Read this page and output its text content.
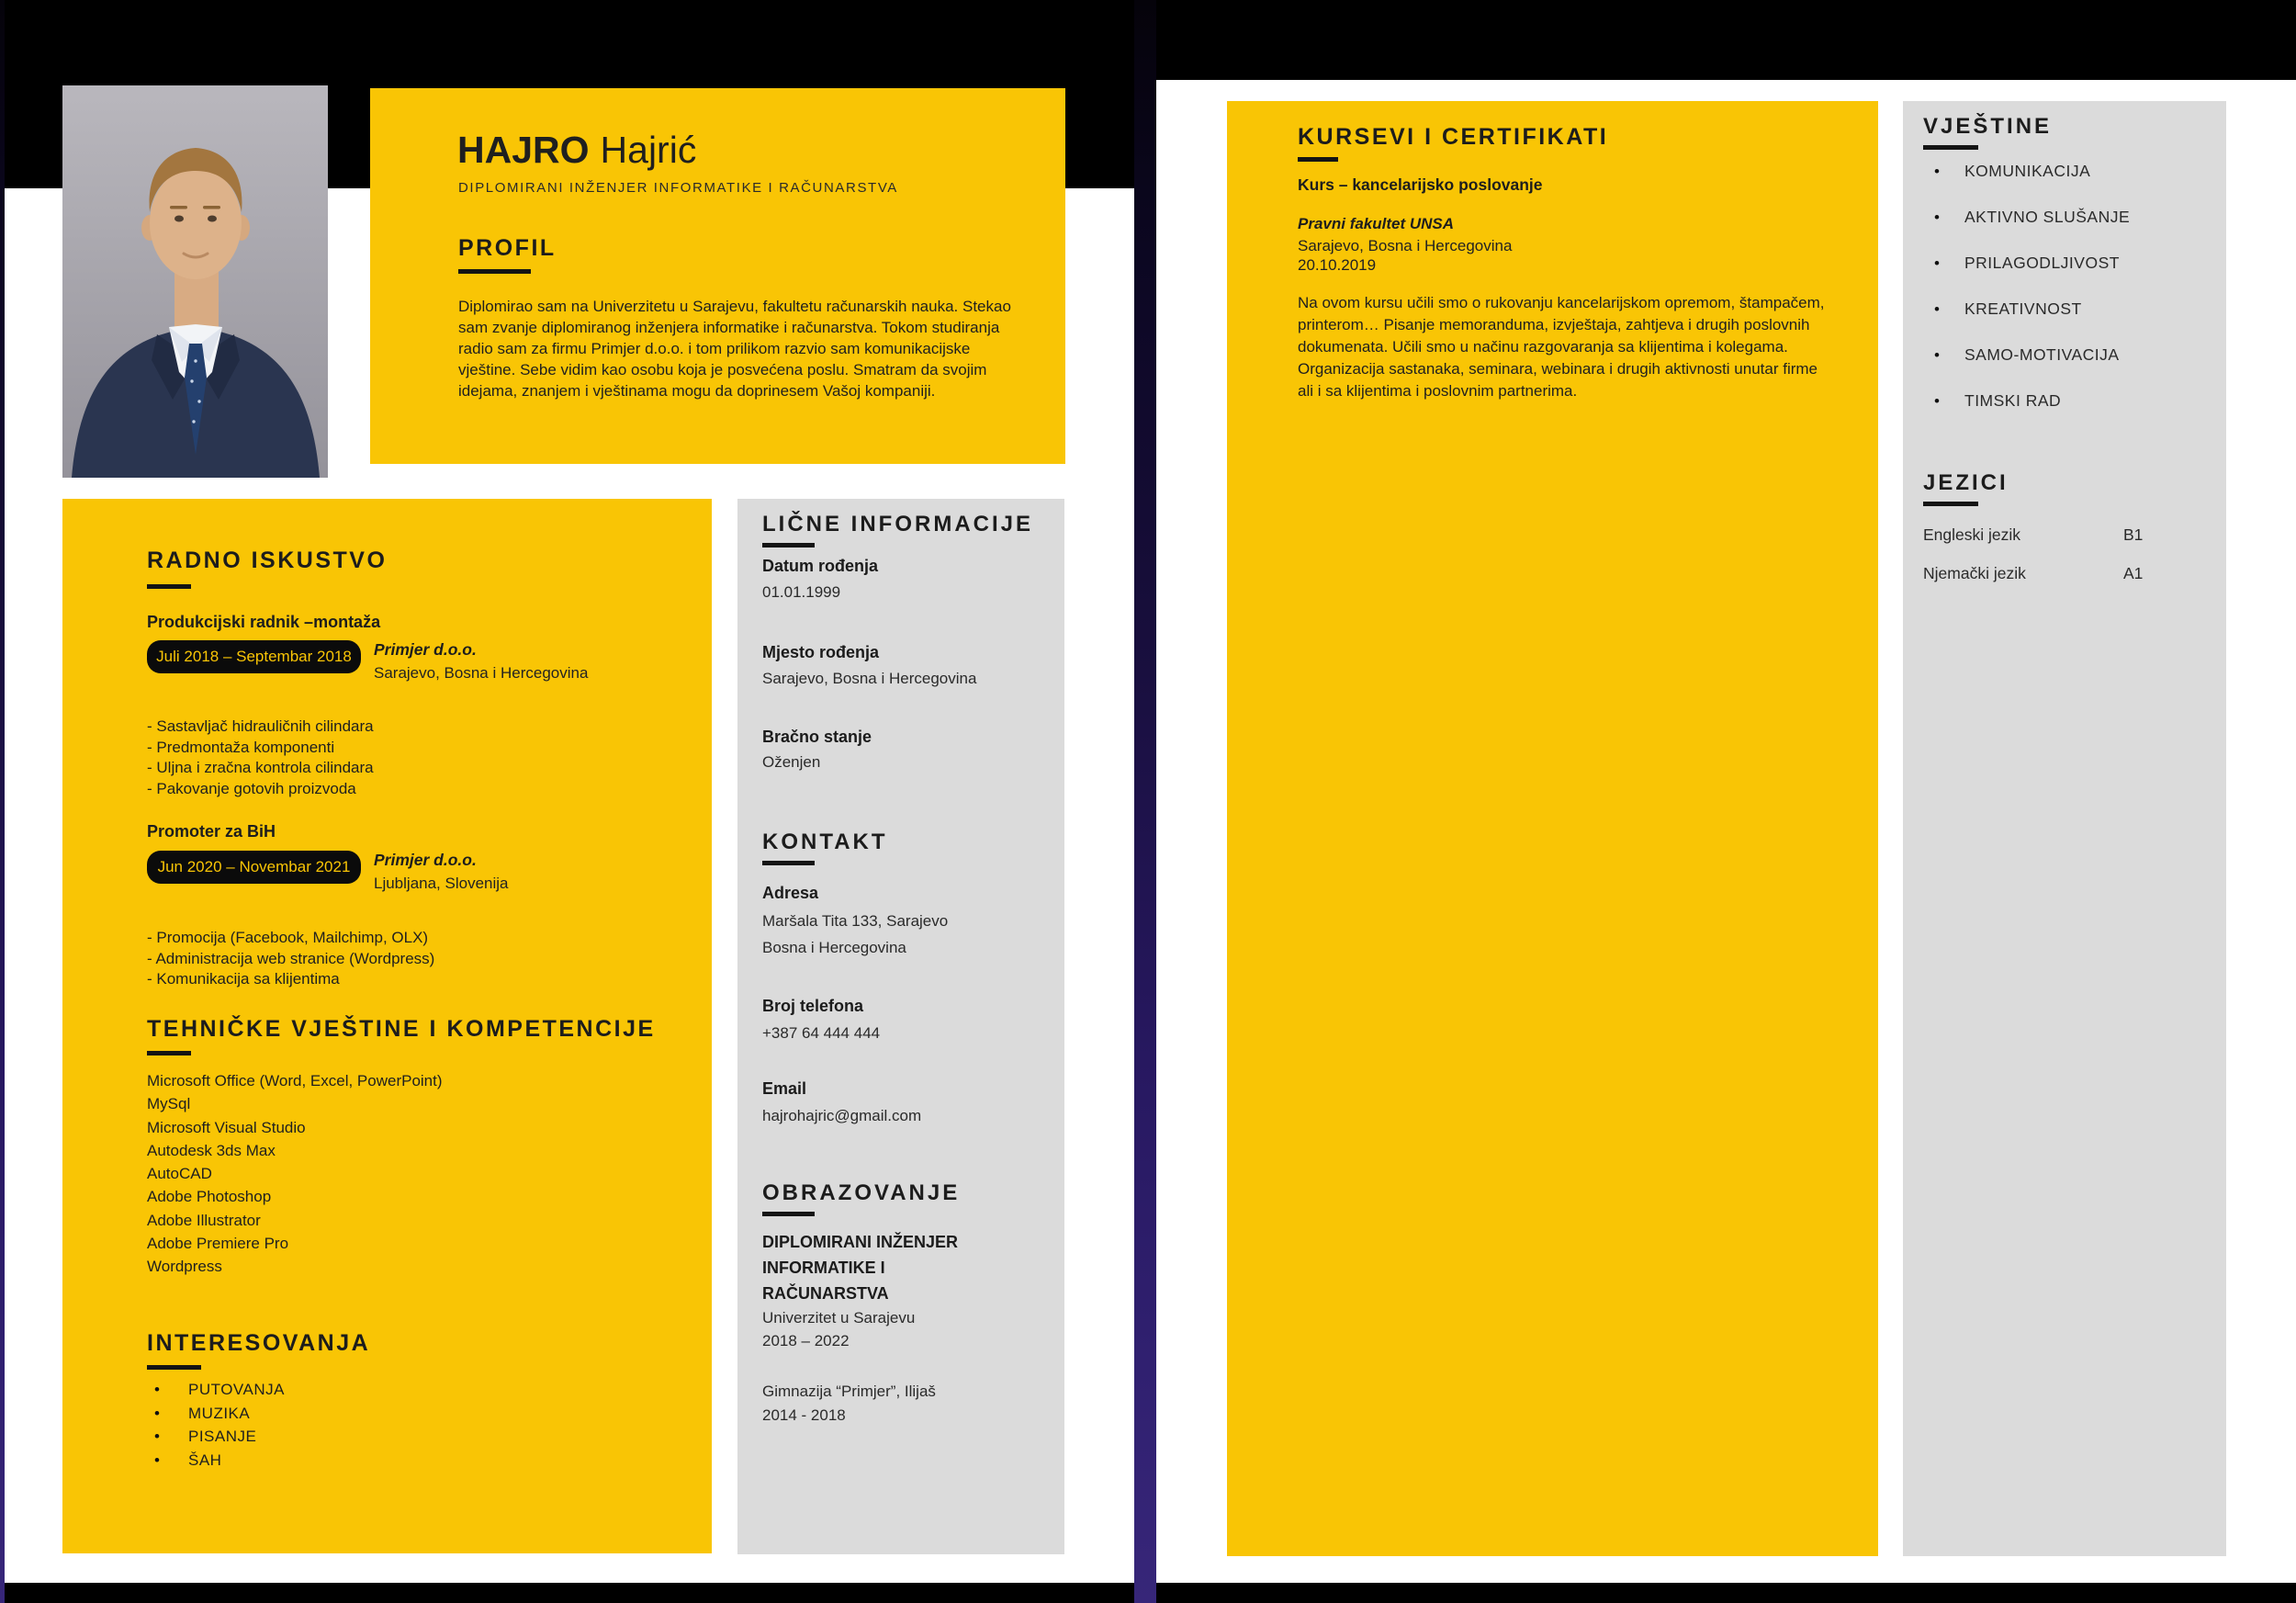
HAJRO Hajrić
DIPLOMIRANI INŽENJER INFORMATIKE I RAČUNARSTVA
PROFIL
Diplomirao sam na Univerzitetu u Sarajevu, fakultetu računarskih nauka. Stekao sam zvanje diplomiranog inženjera informatike i računarstva. Tokom studiranja radio sam za firmu Primjer d.o.o. i tom prilikom razvio sam komunikacijske vještine. Sebe vidim kao osobu koja je posvećena poslu. Smatram da svojim idejama, znanjem i vještinama mogu da doprinesem Vašoj kompaniji.
RADNO ISKUSTVO
Produkcijski radnik –montaža
Juli 2018 – Septembar 2018	Primjer d.o.o.
Sarajevo, Bosna i Hercegovina
- Sastavljač hidrauličnih cilindara
- Predmontaža komponenti
- Uljna i zračna kontrola cilindara
- Pakovanje gotovih proizvoda
Promoter za BiH
Jun 2020 – Novembar 2021	Primjer d.o.o.
Ljubljana, Slovenija
- Promocija (Facebook, Mailchimp, OLX)
- Administracija web stranice (Wordpress)
- Komunikacija sa klijentima
TEHNIČKE VJEŠTINE I KOMPETENCIJE
Microsoft Office (Word, Excel, PowerPoint)
MySql
Microsoft Visual Studio
Autodesk 3ds Max
AutoCAD
Adobe Photoshop
Adobe Illustrator
Adobe Premiere Pro
Wordpress
INTERESOVANJA
•	PUTOVANJA
•	MUZIKA
•	PISANJE
•	ŠAH
LIČNE INFORMACIJE
Datum rođenja
01.01.1999
Mjesto rođenja
Sarajevo, Bosna i Hercegovina
Bračno stanje
Oženjen
KONTAKT
Adresa
Maršala Tita 133, Sarajevo
Bosna i Hercegovina
Broj telefona
+387 64 444 444
Email
hajrohajric@gmail.com
OBRAZOVANJE
DIPLOMIRANI INŽENJER INFORMATIKE I RAČUNARSTVA
Univerzitet u Sarajevu
2018 – 2022
Gimnazija “Primjer”, Ilijaš
2014 - 2018
KURSEVI I CERTIFIKATI
Kurs – kancelarijsko poslovanje
Pravni fakultet UNSA
Sarajevo, Bosna i Hercegovina
20.10.2019
Na ovom kursu učili smo o rukovanju kancelarijskom opremom, štampačem, printerom… Pisanje memoranduma, izvještaja, zahtjeva i drugih poslovnih dokumenata. Učili smo u načinu razgovaranja sa klijentima i kolegama. Organizacija sastanaka, seminara, webinara i drugih aktivnosti unutar firme ali i sa klijentima i poslovnim partnerima.
VJEŠTINE
•	KOMUNIKACIJA
•	AKTIVNO SLUŠANJE
•	PRILAGODLJIVOST
•	KREATIVNOST
•	SAMO-MOTIVACIJA
•	TIMSKI RAD
JEZICI
Engleski jezik	B1
Njemački jezik	A1
